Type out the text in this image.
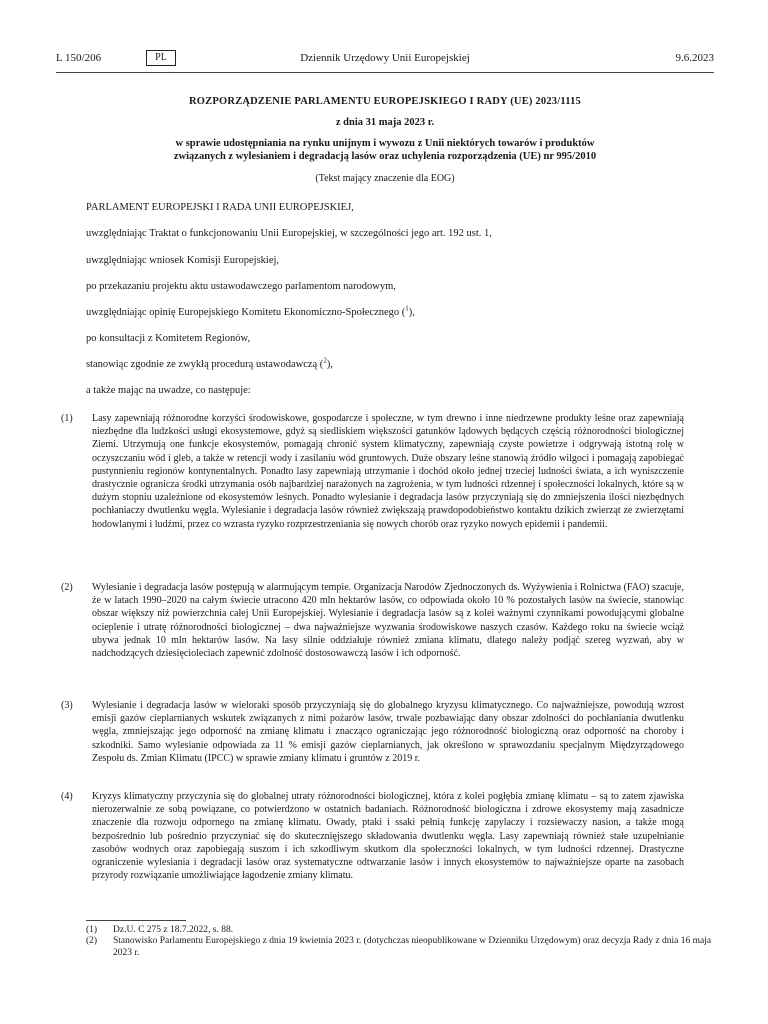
L 150/206	PL	Dziennik Urzędowy Unii Europejskiej	9.6.2023
ROZPORZĄDZENIE PARLAMENTU EUROPEJSKIEGO I RADY (UE) 2023/1115
z dnia 31 maja 2023 r.
w sprawie udostępniania na rynku unijnym i wywozu z Unii niektórych towarów i produktów
związanych z wylesianiem i degradacją lasów oraz uchylenia rozporządzenia (UE) nr 995/2010
(Tekst mający znaczenie dla EOG)
PARLAMENT EUROPEJSKI I RADA UNII EUROPEJSKIEJ,
uwzględniając Traktat o funkcjonowaniu Unii Europejskiej, w szczególności jego art. 192 ust. 1,
uwzględniając wniosek Komisji Europejskiej,
po przekazaniu projektu aktu ustawodawczego parlamentom narodowym,
uwzględniając opinię Europejskiego Komitetu Ekonomiczno-Społecznego ($^1$),
po konsultacji z Komitetem Regionów,
stanowiąc zgodnie ze zwykłą procedurą ustawodawczą ($^2$),
a także mając na uwadze, co następuje:
(1) Lasy zapewniają różnorodne korzyści środowiskowe, gospodarcze i społeczne, w tym drewno i inne niedrzewne produkty leśne oraz zapewniają niezbędne dla ludzkości usługi ekosystemowe, gdyż są siedliskiem większości gatunków lądowych będących częścią różnorodności biologicznej Ziemi. Utrzymują one funkcje ekosystemów, pomagają chronić system klimatyczny, zapewniają czyste powietrze i odgrywają istotną rolę w oczyszczaniu wód i gleb, a także w retencji wody i zasilaniu wód gruntowych. Duże obszary leśne stanowią źródło wilgoci i pomagają zapobiegać pustynnieniu regionów kontynentalnych. Ponadto lasy zapewniają utrzymanie i dochód około jednej trzeciej ludności świata, a ich wyniszczenie drastycznie ogranicza środki utrzymania osób najbardziej narażonych na zagrożenia, w tym ludności rdzennej i społeczności lokalnych, które są w dużym stopniu uzależnione od ekosystemów leśnych. Ponadto wylesianie i degradacja lasów przyczyniają się do zmniejszenia ilości niezbędnych pochłaniaczy dwutlenku węgla. Wylesianie i degradacja lasów również zwiększają prawdopodobieństwo kontaktu dzikich zwierząt ze zwierzętami hodowlanymi i ludźmi, przez co wzrasta ryzyko rozprzestrzeniania się nowych chorób oraz ryzyko nowych epidemii i pandemii.
(2) Wylesianie i degradacja lasów postępują w alarmującym tempie. Organizacja Narodów Zjednoczonych ds. Wyżywienia i Rolnictwa (FAO) szacuje, że w latach 1990–2020 na całym świecie utracono 420 mln hektarów lasów, co odpowiada około 10 % pozostałych lasów na świecie, stanowiąc obszar większy niż powierzchnia całej Unii Europejskiej. Wylesianie i degradacja lasów są z kolei ważnymi czynnikami powodującymi globalne ocieplenie i utratę różnorodności biologicznej – dwa najważniejsze wyzwania środowiskowe naszych czasów. Każdego roku na świecie wciąż ubywa jednak 10 mln hektarów lasów. Na lasy silnie oddziałuje również zmiana klimatu, dlatego należy podjąć szereg wyzwań, aby w nadchodzących dziesięcioleciach zapewnić zdolność dostosowawczą lasów i ich odporność.
(3) Wylesianie i degradacja lasów w wieloraki sposób przyczyniają się do globalnego kryzysu klimatycznego. Co najważniejsze, powodują wzrost emisji gazów cieplarnianych wskutek związanych z nimi pożarów lasów, trwale pozbawiając dany obszar zdolności do pochłaniania dwutlenku węgla, zmniejszając jego odporność na zmianę klimatu i znacząco ograniczając jego różnorodność biologiczną oraz odporność na choroby i szkodniki. Samo wylesianie odpowiada za 11 % emisji gazów cieplarnianych, jak określono w sprawozdaniu specjalnym Międzyrządowego Zespołu ds. Zmian Klimatu (IPCC) w sprawie zmiany klimatu i gruntów z 2019 r.
(4) Kryzys klimatyczny przyczynia się do globalnej utraty różnorodności biologicznej, która z kolei pogłębia zmianę klimatu – są to zatem zjawiska nierozerwalnie ze sobą powiązane, co potwierdzono w ostatnich badaniach. Różnorodność biologiczna i zdrowe ekosystemy mają zasadnicze znaczenie dla rozwoju odpornego na zmianę klimatu. Owady, ptaki i ssaki pełnią funkcję zapylaczy i rozsiewaczy nasion, a także mogą bezpośrednio lub pośrednio przyczyniać się do skutecznięjszego składowania dwutlenku węgla. Lasy zapewniają również stałe uzupełnianie zasobów wodnych oraz zapobiegają suszom i ich szkodliwym skutkom dla społeczności lokalnych, w tym ludności rdzennej. Drastyczne ograniczenie wylesiania i degradacji lasów oraz systematyczne odtwarzanie lasów i innych ekosystemów to najważniejsze oparte na zasobach przyrody rozwiązanie umożliwiające łagodzenie zmiany klimatu.
(1) Dz.U. C 275 z 18.7.2022, s. 88.
(2) Stanowisko Parlamentu Europejskiego z dnia 19 kwietnia 2023 r. (dotychczas nieopublikowane w Dzienniku Urzędowym) oraz decyzja Rady z dnia 16 maja 2023 r.
